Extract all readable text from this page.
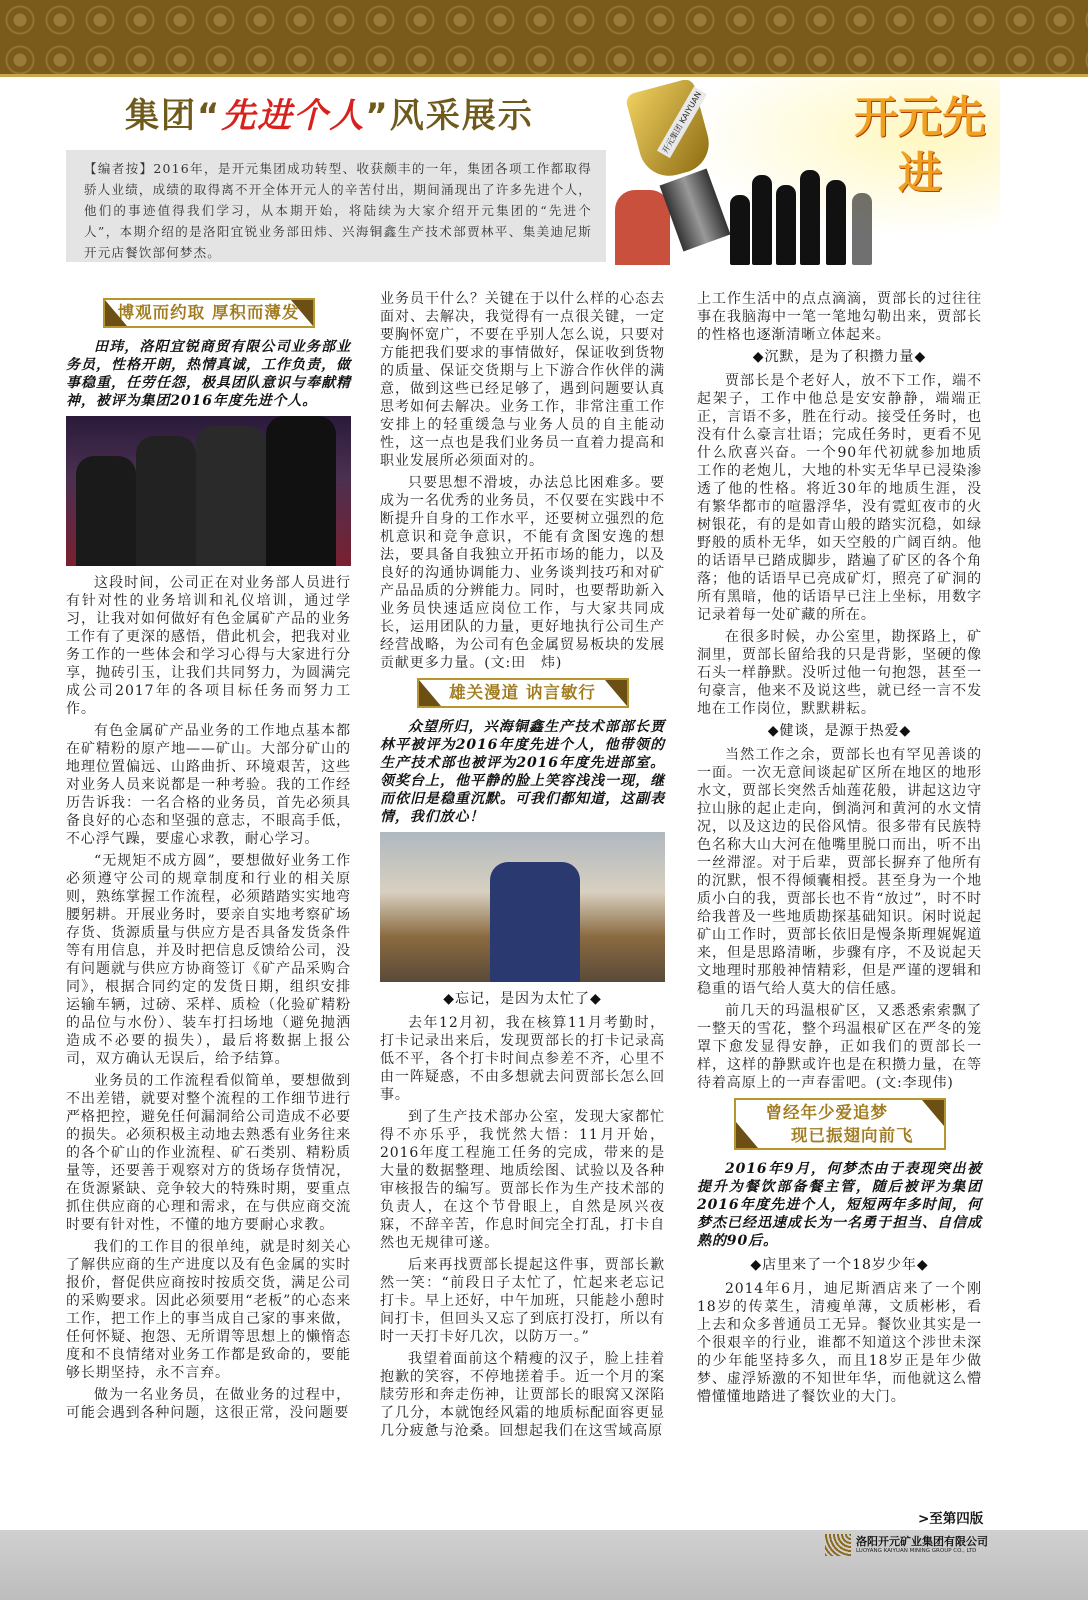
集团“先进个人”风采展示
【编者按】2016年，是开元集团成功转型、收获颇丰的一年，集团各项工作都取得骄人业绩，成绩的取得离不开全体开元人的辛苦付出，期间涌现出了许多先进个人，他们的事迹值得我们学习，从本期开始，将陆续为大家介绍开元集团的“先进个人”，本期介绍的是洛阳宜锐业务部田炜、兴海铜鑫生产技术部贾林平、集美迪尼斯开元店餐饮部何梦杰。
开元集团 KAIYUAN	开元先进
博观而约取 厚积而薄发

田玮，洛阳宜锐商贸有限公司业务部业务员，性格开朗，热情真诚，工作负责，做事稳重，任劳任怨，极具团队意识与奉献精神，被评为集团2016年度先进个人。

这段时间，公司正在对业务部人员进行有针对性的业务培训和礼仪培训，通过学习，让我对如何做好有色金属矿产品的业务工作有了更深的感悟，借此机会，把我对业务工作的一些体会和学习心得与大家进行分享，抛砖引玉，让我们共同努力，为圆满完成公司2017年的各项目标任务而努力工作。

有色金属矿产品业务的工作地点基本都在矿精粉的原产地——矿山。大部分矿山的地理位置偏远、山路曲折、环境艰苦，这些对业务人员来说都是一种考验。我的工作经历告诉我：一名合格的业务员，首先必须具备良好的心态和坚强的意志，不眼高手低，不心浮气躁，要虚心求教，耐心学习。

“无规矩不成方圆”，要想做好业务工作必须遵守公司的规章制度和行业的相关原则，熟练掌握工作流程，必须踏踏实实地弯腰躬耕。开展业务时，要亲自实地考察矿场存货、货源质量与供应方是否具备发货条件等有用信息，并及时把信息反馈给公司，没有问题就与供应方协商签订《矿产品采购合同》，根据合同约定的发货日期，组织安排运输车辆，过磅、采样、质检（化验矿精粉的品位与水份）、装车打扫场地（避免抛洒造成不必要的损失），最后将数据上报公司，双方确认无误后，给予结算。

业务员的工作流程看似简单，要想做到不出差错，就要对整个流程的工作细节进行严格把控，避免任何漏洞给公司造成不必要的损失。必须积极主动地去熟悉有业务往来的各个矿山的作业流程、矿石类别、精粉质量等，还要善于观察对方的货场存货情况，在货源紧缺、竞争较大的特殊时期，要重点抓住供应商的心理和需求，在与供应商交流时要有针对性，不懂的地方要耐心求教。

我们的工作目的很单纯，就是时刻关心了解供应商的生产进度以及有色金属的实时报价，督促供应商按时按质交货，满足公司的采购要求。因此必须要用“老板”的心态来工作，把工作上的事当成自己家的事来做，任何怀疑、抱怨、无所谓等思想上的懒惰态度和不良情绪对业务工作都是致命的，要能够长期坚持，永不言弃。

做为一名业务员，在做业务的过程中，可能会遇到各种问题，这很正常，没问题要

业务员干什么？关键在于以什么样的心态去面对、去解决，我觉得有一点很关键，一定要胸怀宽广，不要在乎别人怎么说，只要对方能把我们要求的事情做好，保证收到货物的质量、保证交货期与上下游合作伙伴的满意，做到这些已经足够了，遇到问题要认真思考如何去解决。业务工作，非常注重工作安排上的轻重缓急与业务人员的自主能动性，这一点也是我们业务员一直着力提高和职业发展所必须面对的。

只要思想不滑坡，办法总比困难多。要成为一名优秀的业务员，不仅要在实践中不断提升自身的工作水平，还要树立强烈的危机意识和竞争意识，不能有贪图安逸的想法，要具备自我独立开拓市场的能力，以及良好的沟通协调能力、业务谈判技巧和对矿产品品质的分辨能力。同时，也要帮助新入业务员快速适应岗位工作，与大家共同成长，运用团队的力量，更好地执行公司生产经营战略，为公司有色金属贸易板块的发展贡献更多力量。(文:田　炜)

雄关漫道 讷言敏行

众望所归，兴海铜鑫生产技术部部长贾林平被评为2016年度先进个人，他带领的生产技术部也被评为2016年度先进部室。领奖台上，他平静的脸上笑容浅浅一现，继而依旧是稳重沉默。可我们都知道，这副表情，我们放心！

◆忘记，是因为太忙了◆

去年12月初，我在核算11月考勤时，打卡记录出来后，发现贾部长的打卡记录高低不平，各个打卡时间点参差不齐，心里不由一阵疑惑，不由多想就去问贾部长怎么回事。

到了生产技术部办公室，发现大家都忙得不亦乐乎，我恍然大悟：11月开始，2016年度工程施工任务的完成，带来的是大量的数据整理、地质绘图、试验以及各种审核报告的编写。贾部长作为生产技术部的负责人，在这个节骨眼上，自然是夙兴夜寐，不辞辛苦，作息时间完全打乱，打卡自然也无规律可遂。

后来再找贾部长提起这件事，贾部长歉然一笑：“前段日子太忙了，忙起来老忘记打卡。早上还好，中午加班，只能趁小憩时间打卡，但回头又忘了到底打没打，所以有时一天打卡好几次，以防万一。”

我望着面前这个精瘦的汉子，脸上挂着抱歉的笑容，不停地搓着手。近一个月的案牍劳形和奔走伤神，让贾部长的眼窝又深陷了几分，本就饱经风霜的地质标配面容更显几分疲惫与沧桑。回想起我们在这雪域高原

上工作生活中的点点滴滴，贾部长的过往往事在我脑海中一笔一笔地勾勒出来，贾部长的性格也逐渐清晰立体起来。

◆沉默，是为了积攒力量◆

贾部长是个老好人，放不下工作，端不起架子，工作中他总是安安静静，端端正正，言语不多，胜在行动。接受任务时，也没有什么豪言壮语；完成任务时，更看不见什么欣喜兴奋。一个90年代初就参加地质工作的老炮儿，大地的朴实无华早已浸染渗透了他的性格。将近30年的地质生涯，没有繁华都市的喧嚣浮华，没有霓虹夜市的火树银花，有的是如青山般的踏实沉稳，如绿野般的质朴无华，如天空般的广阔百纳。他的话语早已踏成脚步，踏遍了矿区的各个角落；他的话语早已亮成矿灯，照亮了矿洞的所有黑暗，他的话语早已注上坐标，用数字记录着每一处矿藏的所在。

在很多时候，办公室里，勘探路上，矿洞里，贾部长留给我的只是背影，坚硬的像石头一样静默。没听过他一句抱怨，甚至一句豪言，他来不及说这些，就已经一言不发地在工作岗位，默默耕耘。

◆健谈，是源于热爱◆

当然工作之余，贾部长也有罕见善谈的一面。一次无意间谈起矿区所在地区的地形水文，贾部长突然舌灿莲花般，讲起这边守拉山脉的起止走向，倒淌河和黄河的水文情况，以及这边的民俗风情。很多带有民族特色名称大山大河在他嘴里脱口而出，听不出一丝滞涩。对于后辈，贾部长摒弃了他所有的沉默，恨不得倾囊相授。甚至身为一个地质小白的我，贾部长也不肯“放过”，时不时给我普及一些地质勘探基础知识。闲时说起矿山工作时，贾部长依旧是慢条斯理娓娓道来，但是思路清晰，步骤有序，不及说起天文地理时那般神情精彩，但是严谨的逻辑和稳重的语气给人莫大的信任感。

前几天的玛温根矿区，又悉悉索索飘了一整天的雪花，整个玛温根矿区在严冬的笼罩下愈发显得安静，正如我们的贾部长一样，这样的静默或许也是在积攒力量，在等待着高原上的一声春雷吧。(文:李现伟)

曾经年少爱追梦
现已振翅向前飞

2016年9月，何梦杰由于表现突出被提升为餐饮部备餐主管，随后被评为集团2016年度先进个人，短短两年多时间，何梦杰已经迅速成长为一名勇于担当、自信成熟的90后。

◆店里来了一个18岁少年◆

2014年6月，迪尼斯酒店来了一个刚18岁的传菜生，清瘦单薄，文质彬彬，看上去和众多普通员工无异。餐饮业其实是一个很艰辛的行业，谁都不知道这个涉世未深的少年能坚持多久，而且18岁正是年少做梦、虚浮矫激的不知世年华，而他就这么懵懵懂懂地踏进了餐饮业的大门。

>至第四版
洛阳开元矿业集团有限公司
LUOYANG KAIYUAN MINING GROUP CO., LTD
